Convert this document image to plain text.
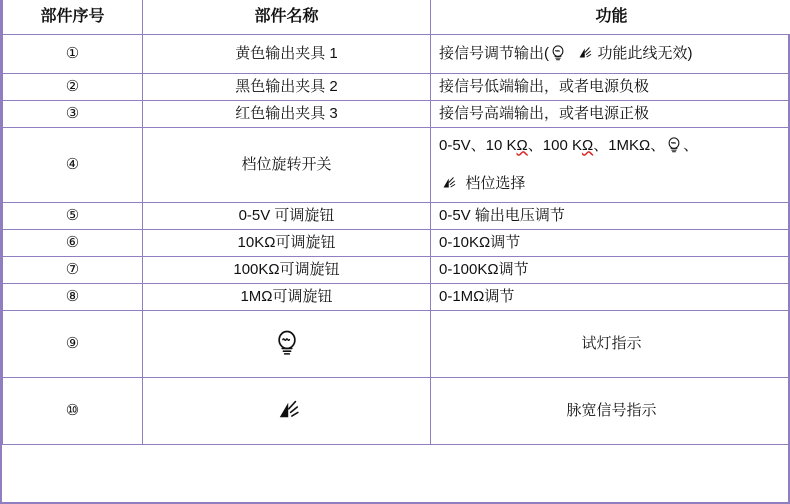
部件序号	部件名称	功能
①	黄色输出夹具 1	接信号调节输出(
功能此线无效)
②	黑色输出夹具 2	接信号低端输出，或者电源负极
③	红色输出夹具 3	接信号高端输出，或者电源正极
④	档位旋转开关	0-5V、10 KΩ、100 KΩ、1MKΩ、 、
档位选择

⑤	0-5V 可调旋钮	0-5V 输出电压调节
⑥	10KΩ可调旋钮	0-10KΩ调节
⑦	100KΩ可调旋钮	0-100KΩ调节
⑧	1MΩ可调旋钮	0-1MΩ调节
⑨		试灯指示
⑩		脉宽信号指示
